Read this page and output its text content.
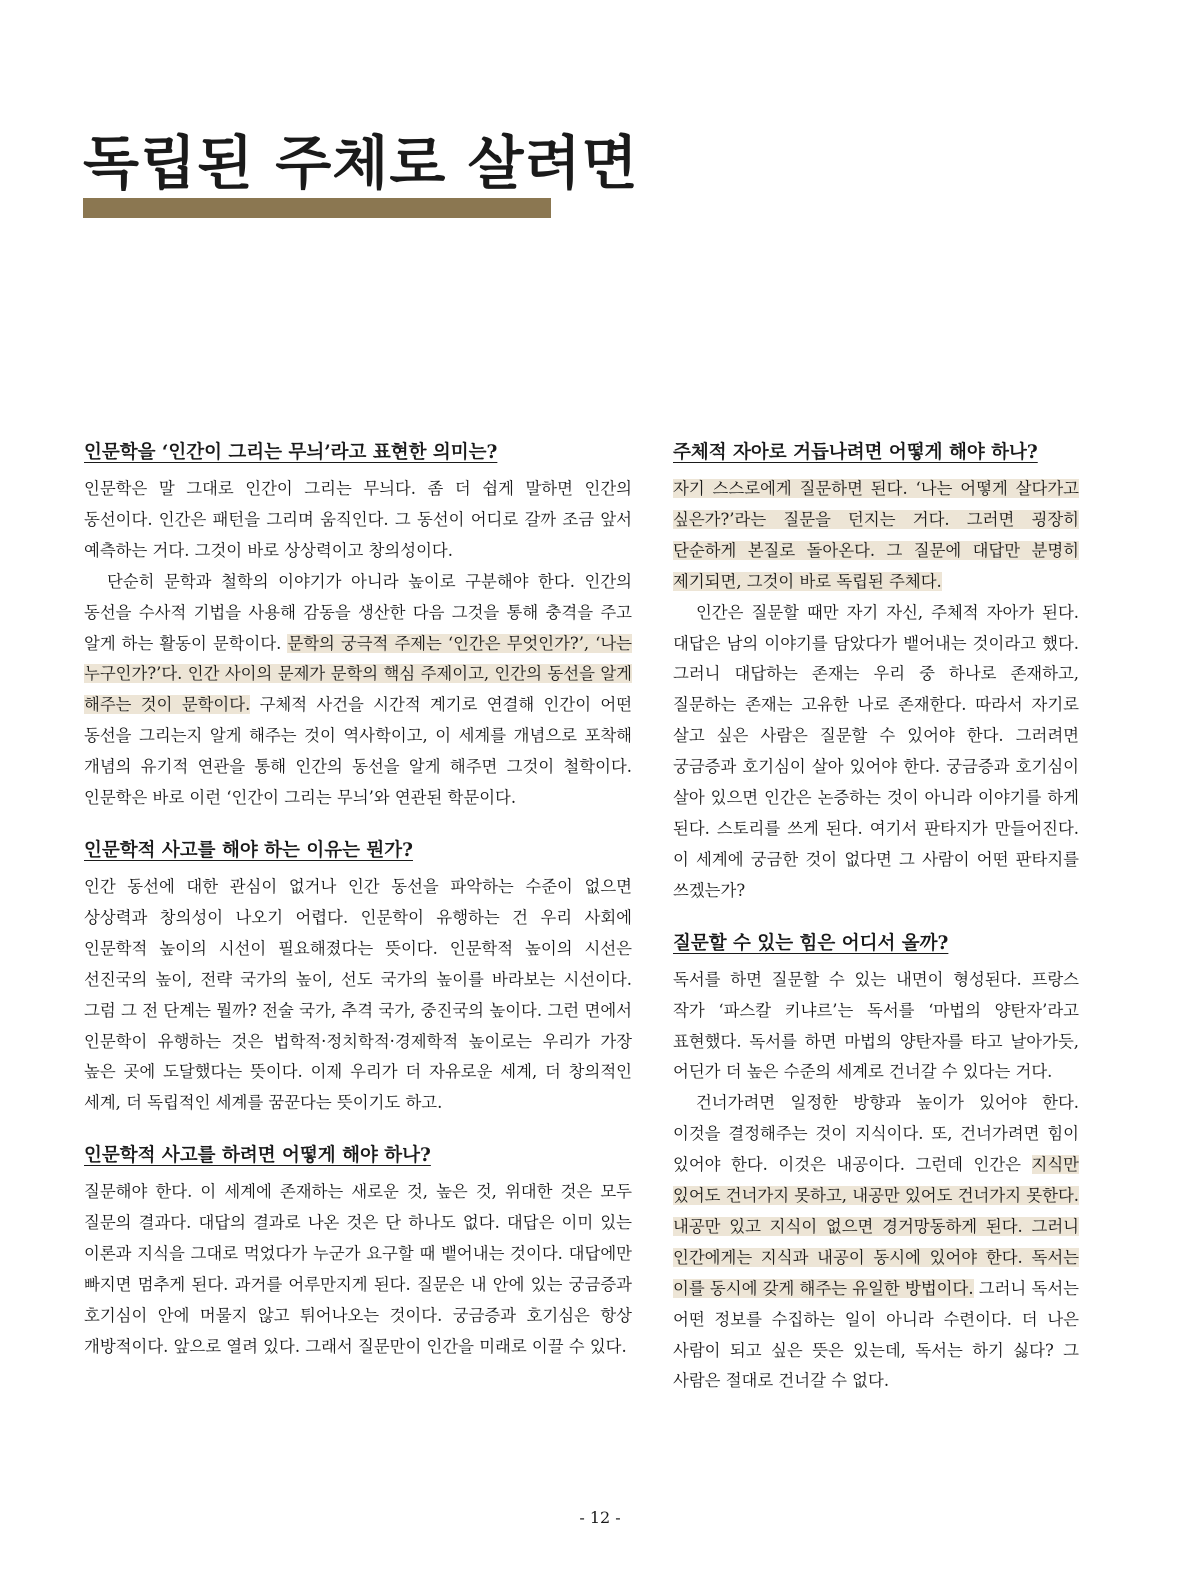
독립된 주체로 살려면
인문학을 ‘인간이 그리는 무늬’라고 표현한 의미는?

인문학은 말 그대로 인간이 그리는 무늬다. 좀 더 쉽게 말하면 인간의 동선이다. 인간은 패턴을 그리며 움직인다. 그 동선이 어디로 갈까 조금 앞서 예측하는 거다. 그것이 바로 상상력이고 창의성이다.

단순히 문학과 철학의 이야기가 아니라 높이로 구분해야 한다. 인간의 동선을 수사적 기법을 사용해 감동을 생산한 다음 그것을 통해 충격을 주고 알게 하는 활동이 문학이다. 문학의 궁극적 주제는 ‘인간은 무엇인가?’, ‘나는 누구인가?’다. 인간 사이의 문제가 문학의 핵심 주제이고, 인간의 동선을 알게 해주는 것이 문학이다. 구체적 사건을 시간적 계기로 연결해 인간이 어떤 동선을 그리는지 알게 해주는 것이 역사학이고, 이 세계를 개념으로 포착해 개념의 유기적 연관을 통해 인간의 동선을 알게 해주면 그것이 철학이다. 인문학은 바로 이런 ‘인간이 그리는 무늬’와 연관된 학문이다.

인문학적 사고를 해야 하는 이유는 뭔가?

인간 동선에 대한 관심이 없거나 인간 동선을 파악하는 수준이 없으면 상상력과 창의성이 나오기 어렵다. 인문학이 유행하는 건 우리 사회에 인문학적 높이의 시선이 필요해졌다는 뜻이다. 인문학적 높이의 시선은 선진국의 높이, 전략 국가의 높이, 선도 국가의 높이를 바라보는 시선이다. 그럼 그 전 단계는 뭘까? 전술 국가, 추격 국가, 중진국의 높이다. 그런 면에서 인문학이 유행하는 것은 법학적·정치학적·경제학적 높이로는 우리가 가장 높은 곳에 도달했다는 뜻이다. 이제 우리가 더 자유로운 세계, 더 창의적인 세계, 더 독립적인 세계를 꿈꾼다는 뜻이기도 하고.

인문학적 사고를 하려면 어떻게 해야 하나?

질문해야 한다. 이 세계에 존재하는 새로운 것, 높은 것, 위대한 것은 모두 질문의 결과다. 대답의 결과로 나온 것은 단 하나도 없다. 대답은 이미 있는 이론과 지식을 그대로 먹었다가 누군가 요구할 때 뱉어내는 것이다. 대답에만 빠지면 멈추게 된다. 과거를 어루만지게 된다. 질문은 내 안에 있는 궁금증과 호기심이 안에 머물지 않고 튀어나오는 것이다. 궁금증과 호기심은 항상 개방적이다. 앞으로 열려 있다. 그래서 질문만이 인간을 미래로 이끌 수 있다.

주체적 자아로 거듭나려면 어떻게 해야 하나?

자기 스스로에게 질문하면 된다. ‘나는 어떻게 살다가고 싶은가?’라는 질문을 던지는 거다. 그러면 굉장히 단순하게 본질로 돌아온다. 그 질문에 대답만 분명히 제기되면, 그것이 바로 독립된 주체다.

인간은 질문할 때만 자기 자신, 주체적 자아가 된다. 대답은 남의 이야기를 담았다가 뱉어내는 것이라고 했다. 그러니 대답하는 존재는 우리 중 하나로 존재하고, 질문하는 존재는 고유한 나로 존재한다. 따라서 자기로 살고 싶은 사람은 질문할 수 있어야 한다. 그러려면 궁금증과 호기심이 살아 있어야 한다. 궁금증과 호기심이 살아 있으면 인간은 논증하는 것이 아니라 이야기를 하게 된다. 스토리를 쓰게 된다. 여기서 판타지가 만들어진다. 이 세계에 궁금한 것이 없다면 그 사람이 어떤 판타지를 쓰겠는가?

질문할 수 있는 힘은 어디서 올까?

독서를 하면 질문할 수 있는 내면이 형성된다. 프랑스 작가 ‘파스칼 키냐르’는 독서를 ‘마법의 양탄자’라고 표현했다. 독서를 하면 마법의 양탄자를 타고 날아가듯, 어딘가 더 높은 수준의 세계로 건너갈 수 있다는 거다.

건너가려면 일정한 방향과 높이가 있어야 한다. 이것을 결정해주는 것이 지식이다. 또, 건너가려면 힘이 있어야 한다. 이것은 내공이다. 그런데 인간은 지식만 있어도 건너가지 못하고, 내공만 있어도 건너가지 못한다. 내공만 있고 지식이 없으면 경거망동하게 된다. 그러니 인간에게는 지식과 내공이 동시에 있어야 한다. 독서는 이를 동시에 갖게 해주는 유일한 방법이다. 그러니 독서는 어떤 정보를 수집하는 일이 아니라 수련이다. 더 나은 사람이 되고 싶은 뜻은 있는데, 독서는 하기 싫다? 그 사람은 절대로 건너갈 수 없다.

- 12 -
